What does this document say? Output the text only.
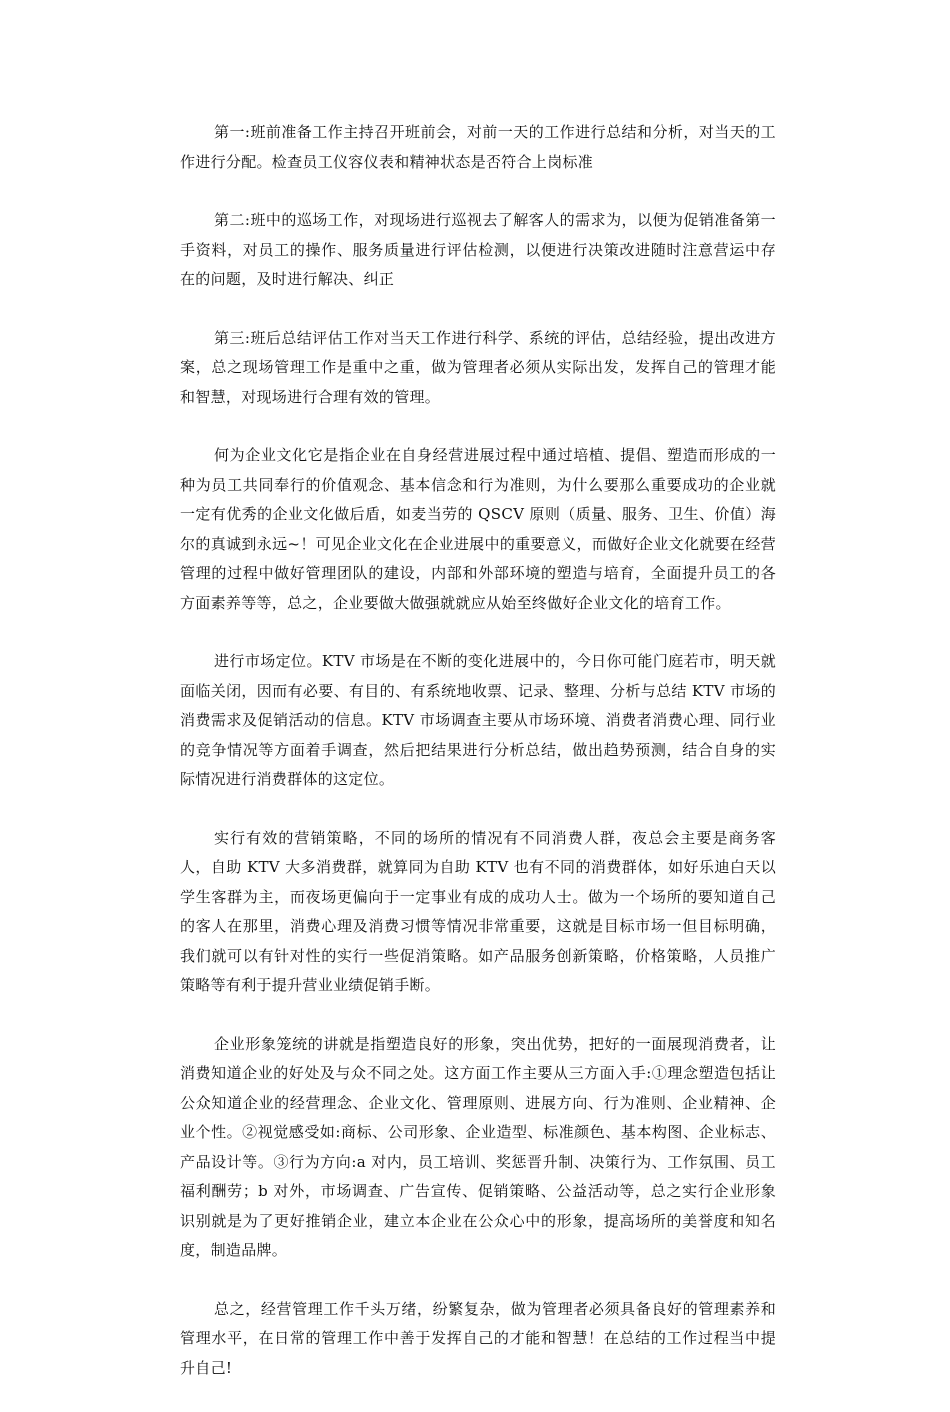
第一:班前准备工作主持召开班前会，对前一天的工作进行总结和分析，对当天的工作进行分配。检查员工仪容仪表和精神状态是否符合上岗标准

第二:班中的巡场工作，对现场进行巡视去了解客人的需求为，以便为促销准备第一手资料，对员工的操作、服务质量进行评估检测，以便进行决策改进随时注意营运中存在的问题，及时进行解决、纠正

第三:班后总结评估工作对当天工作进行科学、系统的评估，总结经验，提出改进方案，总之现场管理工作是重中之重，做为管理者必须从实际出发，发挥自己的管理才能和智慧，对现场进行合理有效的管理。

何为企业文化它是指企业在自身经营进展过程中通过培植、提倡、塑造而形成的一种为员工共同奉行的价值观念、基本信念和行为准则，为什么要那么重要成功的企业就一定有优秀的企业文化做后盾，如麦当劳的 QSCV 原则（质量、服务、卫生、价值）海尔的真诚到永远~！可见企业文化在企业进展中的重要意义，而做好企业文化就要在经营管理的过程中做好管理团队的建设，内部和外部环境的塑造与培育，全面提升员工的各方面素养等等，总之，企业要做大做强就就应从始至终做好企业文化的培育工作。

进行市场定位。KTV 市场是在不断的变化进展中的，今日你可能门庭若市，明天就面临关闭，因而有必要、有目的、有系统地收票、记录、整理、分析与总结 KTV 市场的消费需求及促销活动的信息。KTV 市场调查主要从市场环境、消费者消费心理、同行业的竞争情况等方面着手调查，然后把结果进行分析总结，做出趋势预测，结合自身的实际情况进行消费群体的这定位。

实行有效的营销策略，不同的场所的情况有不同消费人群，夜总会主要是商务客人，自助 KTV 大多消费群，就算同为自助 KTV 也有不同的消费群体，如好乐迪白天以学生客群为主，而夜场更偏向于一定事业有成的成功人士。做为一个场所的要知道自己的客人在那里，消费心理及消费习惯等情况非常重要，这就是目标市场一但目标明确，我们就可以有针对性的实行一些促消策略。如产品服务创新策略，价格策略，人员推广策略等有利于提升营业业绩促销手断。

企业形象笼统的讲就是指塑造良好的形象，突出优势，把好的一面展现消费者，让消费知道企业的好处及与众不同之处。这方面工作主要从三方面入手:①理念塑造包括让公众知道企业的经营理念、企业文化、管理原则、进展方向、行为准则、企业精神、企业个性。②视觉感受如:商标、公司形象、企业造型、标准颜色、基本构图、企业标志、产品设计等。③行为方向:a 对内，员工培训、奖惩晋升制、决策行为、工作氛围、员工福利酬劳；b 对外，市场调查、广告宣传、促销策略、公益活动等，总之实行企业形象识别就是为了更好推销企业，建立本企业在公众心中的形象，提高场所的美誉度和知名度，制造品牌。

总之，经营管理工作千头万绪，纷繁复杂，做为管理者必须具备良好的管理素养和管理水平，在日常的管理工作中善于发挥自己的才能和智慧！在总结的工作过程当中提升自己!
